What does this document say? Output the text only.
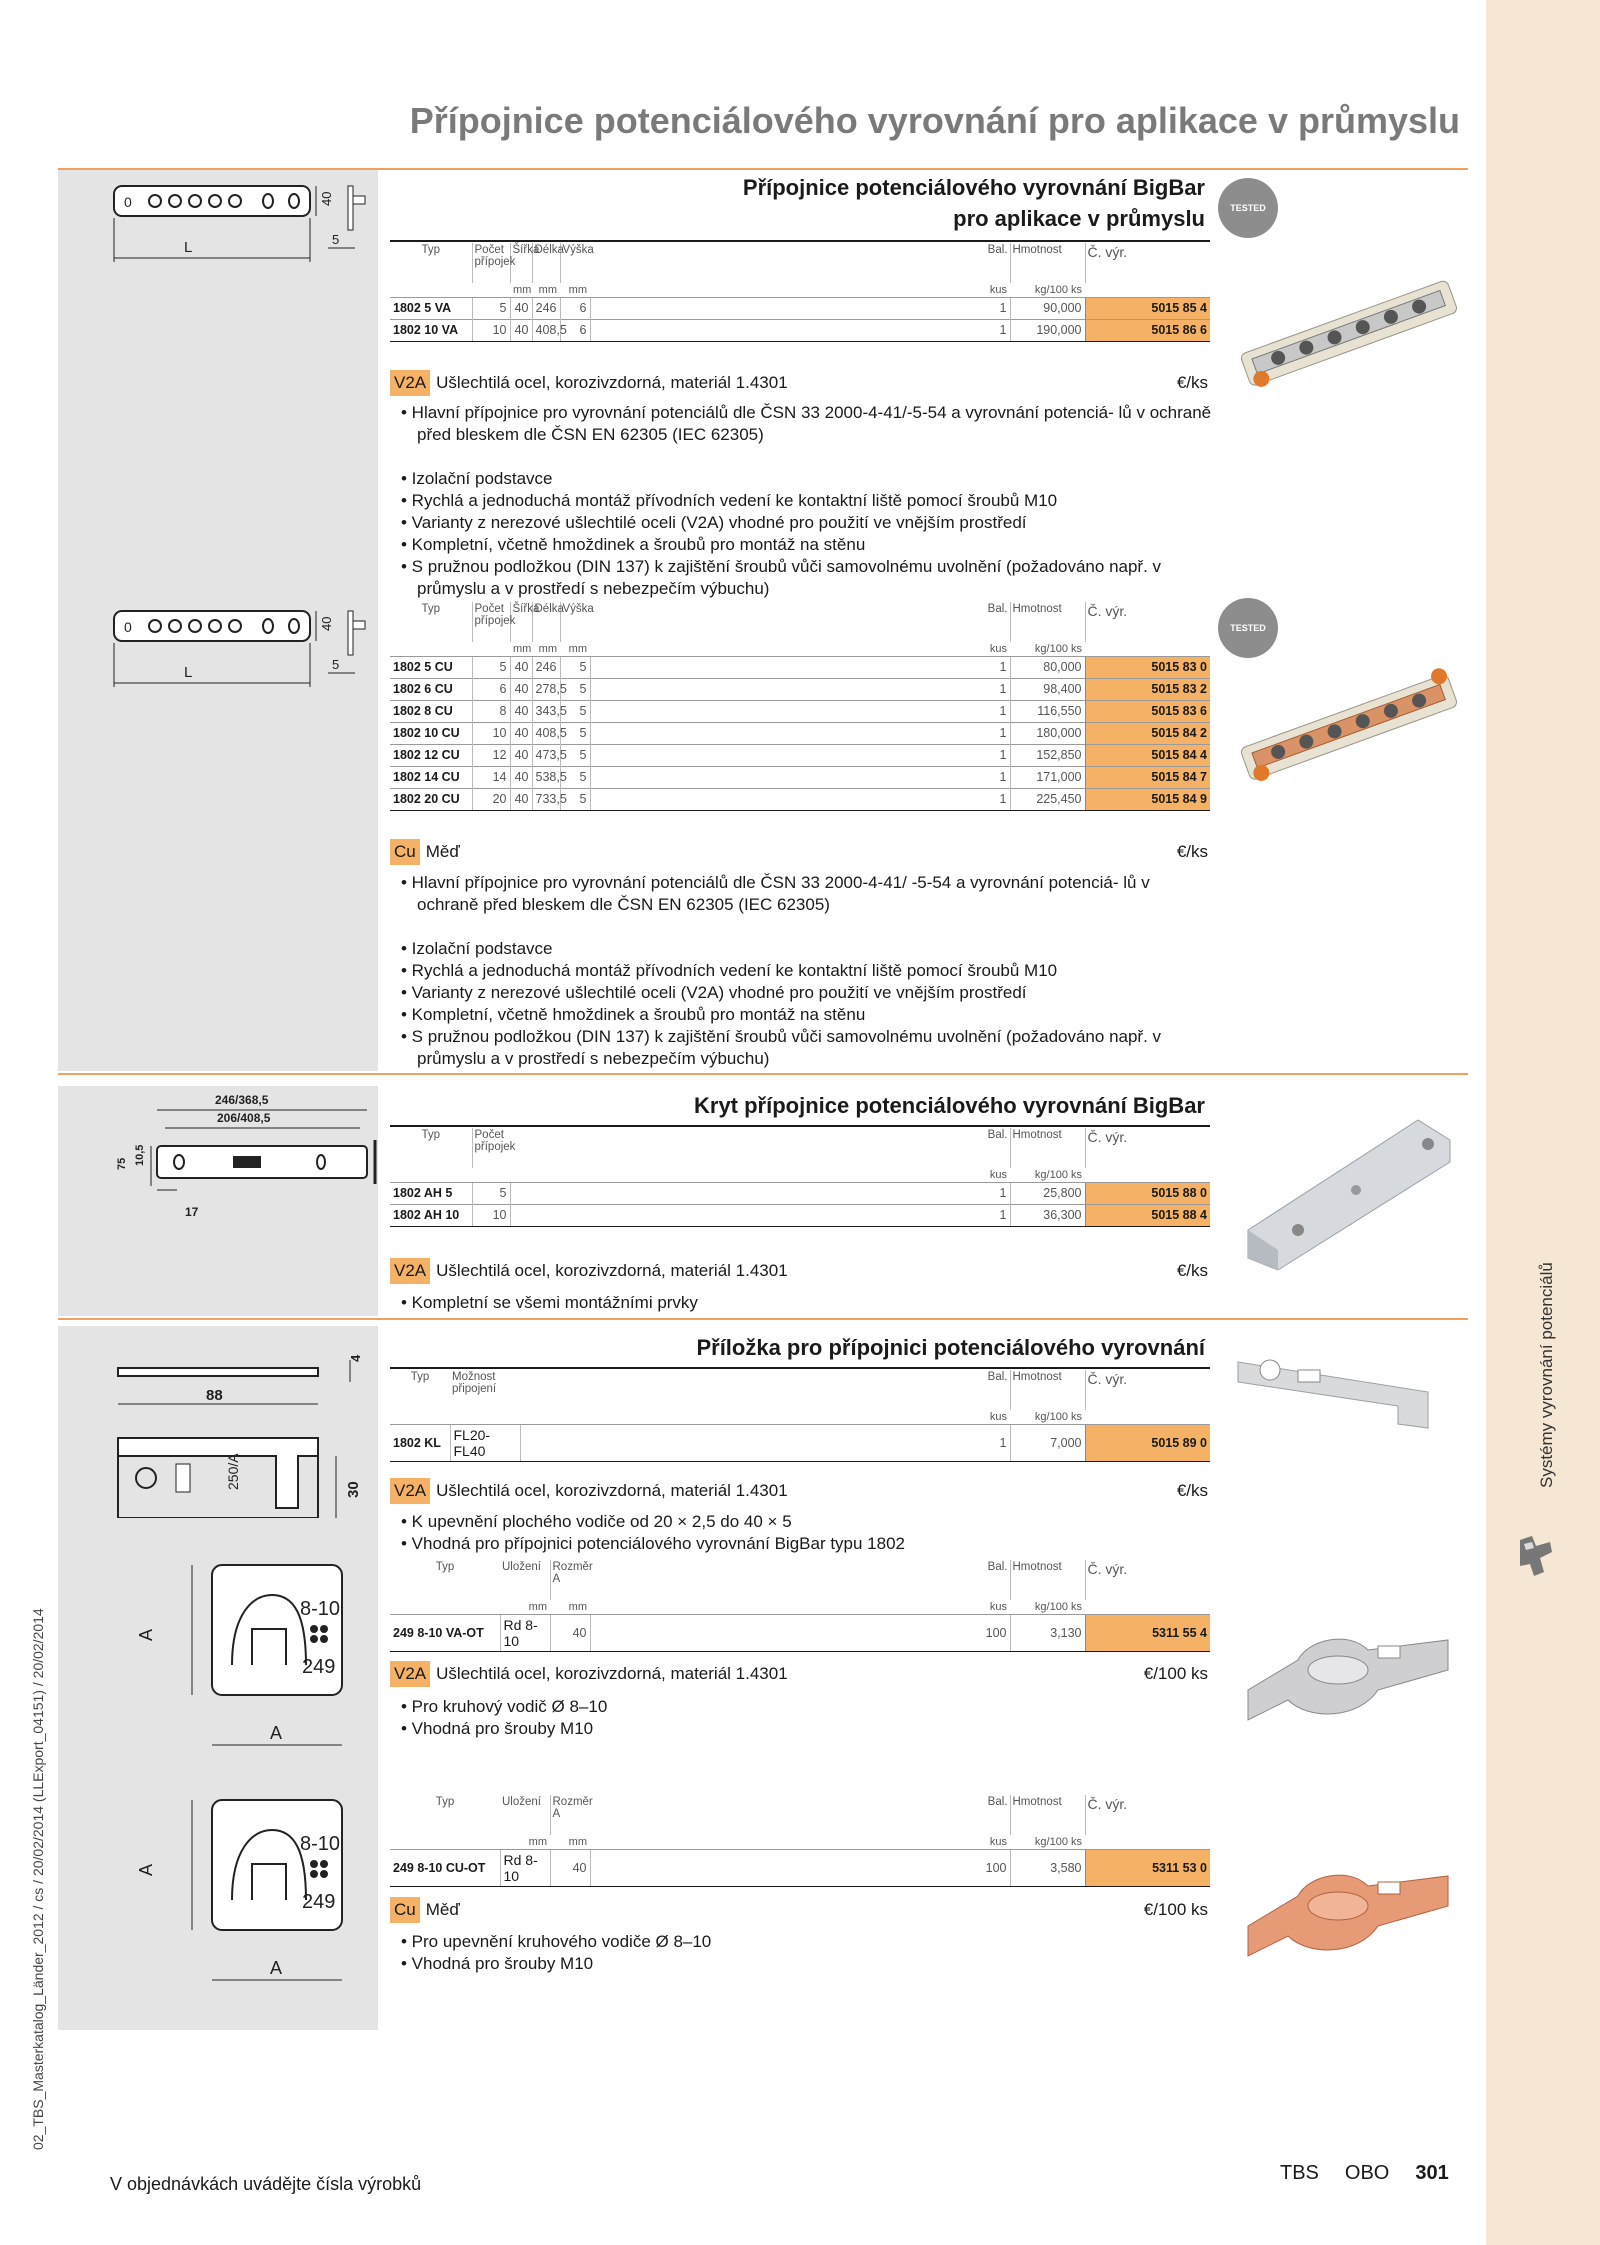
Systémy vyrovnání potenciálů
02_TBS_Masterkatalog_Länder_2012 / cs / 20/02/2014 (LLExport_04151) / 20/02/2014
Přípojnice potenciálového vyrovnání pro aplikace v průmyslu
0	40
L	5
Přípojnice potenciálového vyrovnání BigBar
pro aplikace v průmyslu	TESTED
Typ	Počet přípojek	Šířka	Délka	Výška		Bal.	Hmotnost	Č. výr.
		mm	mm	mm		kus	kg/100 ks	
1802 5 VA	5	40	246	6		1	90,000	5015 85 4
1802 10 VA	10	40	408,5	6		1	190,000	5015 86 6
V2A Ušlechtilá ocel, korozivzdorná, materiál 1.4301	€/ks
• Hlavní přípojnice pro vyrovnání potenciálů dle ČSN 33 2000-4-41/-5-54 a vyrovnání potenciá- lů v ochraně před bleskem dle ČSN EN 62305 (IEC 62305)
• Izolační podstavce
• Rychlá a jednoduchá montáž přívodních vedení ke kontaktní liště pomocí šroubů M10
• Varianty z nerezové ušlechtilé oceli (V2A) vhodné pro použití ve vnějším prostředí
• Kompletní, včetně hmoždinek a šroubů pro montáž na stěnu
• S pružnou podložkou (DIN 137) k zajištění šroubů vůči samovolnému uvolnění (požadováno např. v průmyslu a v prostředí s nebezpečím výbuchu)
0	40
L	5
TESTED
Typ	Počet přípojek	Šířka	Délka	Výška		Bal.	Hmotnost	Č. výr.
		mm	mm	mm		kus	kg/100 ks	
1802 5 CU	5	40	246	5		1	80,000	5015 83 0
1802 6 CU	6	40	278,5	5		1	98,400	5015 83 2
1802 8 CU	8	40	343,5	5		1	116,550	5015 83 6
1802 10 CU	10	40	408,5	5		1	180,000	5015 84 2
1802 12 CU	12	40	473,5	5		1	152,850	5015 84 4
1802 14 CU	14	40	538,5	5		1	171,000	5015 84 7
1802 20 CU	20	40	733,5	5		1	225,450	5015 84 9
Cu Měď	€/ks
• Hlavní přípojnice pro vyrovnání potenciálů dle ČSN 33 2000-4-41/ -5-54 a vyrovnání potenciá- lů v ochraně před bleskem dle ČSN EN 62305 (IEC 62305)
• Izolační podstavce
• Rychlá a jednoduchá montáž přívodních vedení ke kontaktní liště pomocí šroubů M10
• Varianty z nerezové ušlechtilé oceli (V2A) vhodné pro použití ve vnějším prostředí
• Kompletní, včetně hmoždinek a šroubů pro montáž na stěnu
• S pružnou podložkou (DIN 137) k zajištění šroubů vůči samovolnému uvolnění (požadováno např. v průmyslu a v prostředí s nebezpečím výbuchu)
246/368,5
206/408,5
75 10,5
17
Kryt přípojnice potenciálového vyrovnání BigBar
Typ	Počet přípojek		Bal.	Hmotnost	Č. výr.
			kus	kg/100 ks	
1802 AH 5	5		1	25,800	5015 88 0
1802 AH 10	10		1	36,300	5015 88 4
V2A Ušlechtilá ocel, korozivzdorná, materiál 1.4301	€/ks
• Kompletní se všemi montážními prvky
4
88
250/A	30
Příložka pro přípojnici potenciálového vyrovnání
Typ	Možnost připojení		Bal.	Hmotnost	Č. výr.
			kus	kg/100 ks	
1802 KL	FL20-FL40		1	7,000	5015 89 0
V2A Ušlechtilá ocel, korozivzdorná, materiál 1.4301	€/ks
• K upevnění plochého vodiče od 20 × 2,5 do 40 × 5
• Vhodná pro přípojnici potenciálového vyrovnání BigBar typu 1802
8-10
249
A
A
Typ	Uložení	Rozměr A		Bal.	Hmotnost	Č. výr.
	mm	mm		kus	kg/100 ks	
249 8-10 VA-OT	Rd 8-10	40		100	3,130	5311 55 4
V2A Ušlechtilá ocel, korozivzdorná, materiál 1.4301	€/100 ks
• Pro kruhový vodič Ø 8–10
• Vhodná pro šrouby M10
8-10
249
A
A
Typ	Uložení	Rozměr A		Bal.	Hmotnost	Č. výr.
	mm	mm		kus	kg/100 ks	
249 8-10 CU-OT	Rd 8-10	40		100	3,580	5311 53 0
Cu Měď	€/100 ks
• Pro upevnění kruhového vodiče Ø 8–10
• Vhodná pro šrouby M10
V objednávkách uvádějte čísla výrobků	TBS OBO 301
